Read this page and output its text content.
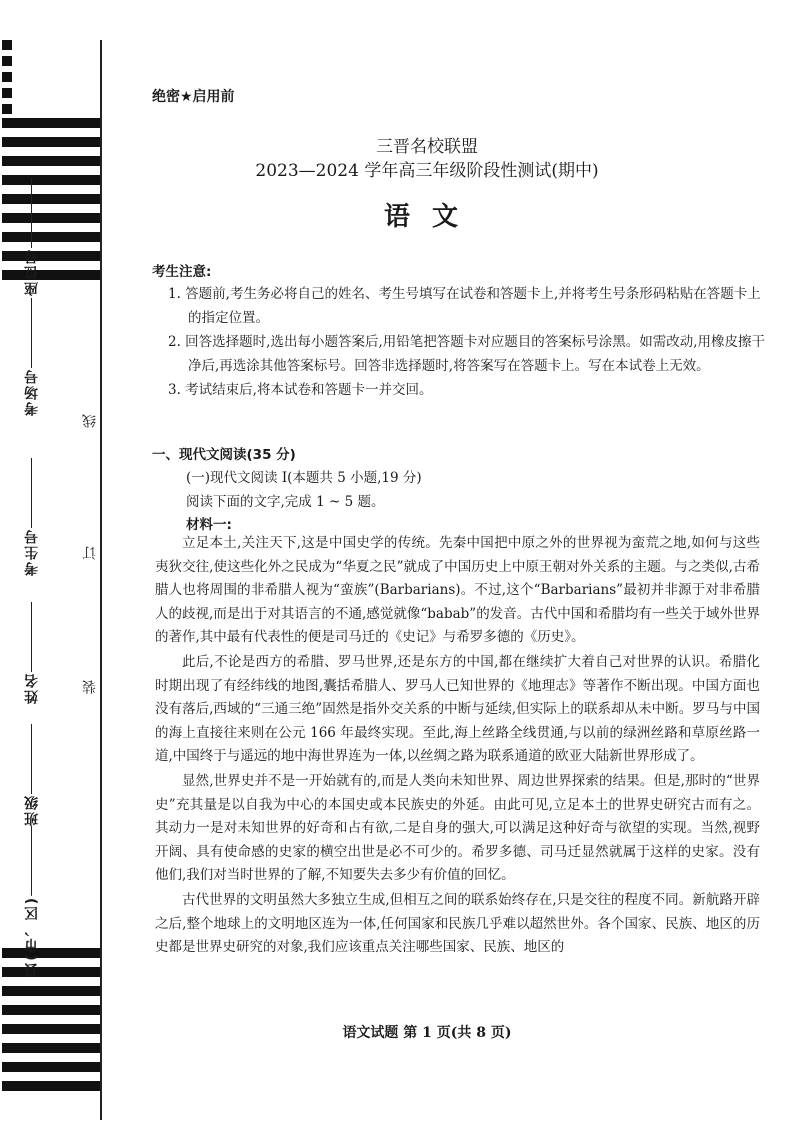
座位号
考场号
考生号
姓名
班级
县(市、区)
线
订
装
绝密★启用前
三晋名校联盟
2023—2024 学年高三年级阶段性测试(期中)
语文
考生注意:

1. 答题前,考生务必将自己的姓名、考生号填写在试卷和答题卡上,并将考生号条形码粘贴在答题卡上的指定位置。

2. 回答选择题时,选出每小题答案后,用铅笔把答题卡对应题目的答案标号涂黑。如需改动,用橡皮擦干净后,再选涂其他答案标号。回答非选择题时,将答案写在答题卡上。写在本试卷上无效。

3. 考试结束后,将本试卷和答题卡一并交回。

一、现代文阅读(35 分)
(一)现代文阅读 Ⅰ(本题共 5 小题,19 分)
阅读下面的文字,完成 1 ~ 5 题。
材料一:

立足本土,关注天下,这是中国史学的传统。先秦中国把中原之外的世界视为蛮荒之地,如何与这些夷狄交往,使这些化外之民成为“华夏之民”就成了中国历史上中原王朝对外关系的主题。与之类似,古希腊人也将周围的非希腊人视为“蛮族”(Barbarians)。不过,这个“Barbarians”最初并非源于对非希腊人的歧视,而是出于对其语言的不通,感觉就像“babab”的发音。古代中国和希腊均有一些关于域外世界的著作,其中最有代表性的便是司马迁的《史记》与希罗多德的《历史》。

此后,不论是西方的希腊、罗马世界,还是东方的中国,都在继续扩大着自己对世界的认识。希腊化时期出现了有经纬线的地图,囊括希腊人、罗马人已知世界的《地理志》等著作不断出现。中国方面也没有落后,西域的“三通三绝”固然是指外交关系的中断与延续,但实际上的联系却从未中断。罗马与中国的海上直接往来则在公元 166 年最终实现。至此,海上丝路全线贯通,与以前的绿洲丝路和草原丝路一道,中国终于与遥远的地中海世界连为一体,以丝绸之路为联系通道的欧亚大陆新世界形成了。

显然,世界史并不是一开始就有的,而是人类向未知世界、周边世界探索的结果。但是,那时的“世界史”充其量是以自我为中心的本国史或本民族史的外延。由此可见,立足本土的世界史研究古而有之。其动力一是对未知世界的好奇和占有欲,二是自身的强大,可以满足这种好奇与欲望的实现。当然,视野开阔、具有使命感的史家的横空出世是必不可少的。希罗多德、司马迁显然就属于这样的史家。没有他们,我们对当时世界的了解,不知要失去多少有价值的回忆。

古代世界的文明虽然大多独立生成,但相互之间的联系始终存在,只是交往的程度不同。新航路开辟之后,整个地球上的文明地区连为一体,任何国家和民族几乎难以超然世外。各个国家、民族、地区的历史都是世界史研究的对象,我们应该重点关注哪些国家、民族、地区的

语文试题 第 1 页(共 8 页)
